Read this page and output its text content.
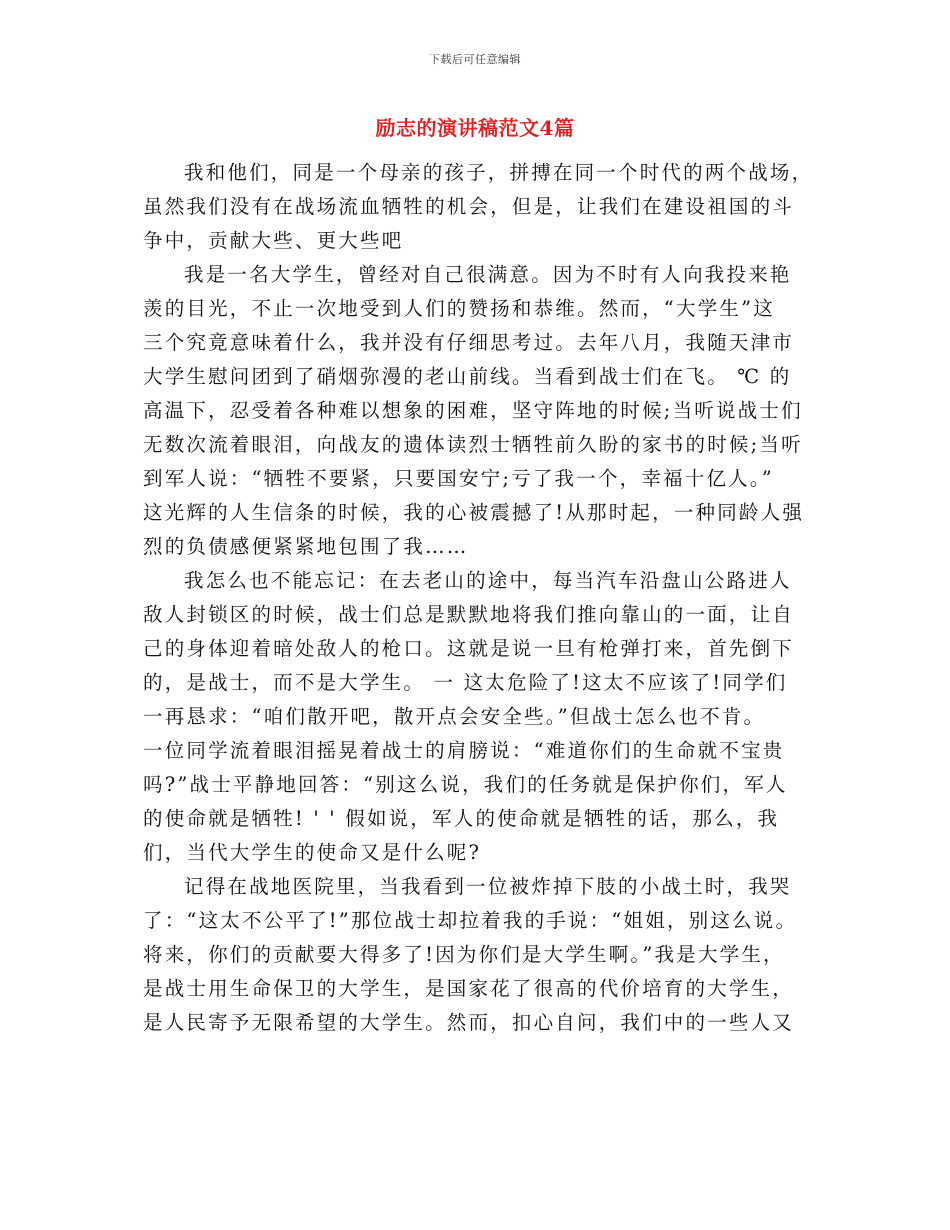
下载后可任意编辑
励志的演讲稿范文4篇
我和他们，同是一个母亲的孩子，拼搏在同一个时代的两个战场，
虽然我们没有在战场流血牺牲的机会，但是，让我们在建设祖国的斗
争中，贡献大些、更大些吧
我是一名大学生，曾经对自己很满意。因为不时有人向我投来艳
羡的目光，不止一次地受到人们的赞扬和恭维。然而，“大学生”这
三个究竟意味着什么，我并没有仔细思考过。去年八月，我随天津市
大学生慰问团到了硝烟弥漫的老山前线。当看到战士们在飞。 ℃ 的
高温下，忍受着各种难以想象的困难，坚守阵地的时候;当听说战士们
无数次流着眼泪，向战友的遗体读烈士牺牲前久盼的家书的时候;当听
到军人说：“牺牲不要紧，只要国安宁;亏了我一个，幸福十亿人。”
这光辉的人生信条的时候，我的心被震撼了!从那时起，一种同龄人强
烈的负债感便紧紧地包围了我……
我怎么也不能忘记：在去老山的途中，每当汽车沿盘山公路进人
敌人封锁区的时候，战士们总是默默地将我们推向靠山的一面，让自
己的身体迎着暗处敌人的枪口。这就是说一旦有枪弹打来，首先倒下
的，是战士，而不是大学生。 一 这太危险了!这太不应该了!同学们
一再恳求：“咱们散开吧，散开点会安全些。”但战士怎么也不肯。
一位同学流着眼泪摇晃着战士的肩膀说：“难道你们的生命就不宝贵
吗?”战士平静地回答：“别这么说，我们的任务就是保护你们，军人
的使命就是牺牲! ' ' 假如说，军人的使命就是牺牲的话，那么，我
们，当代大学生的使命又是什么呢?
记得在战地医院里，当我看到一位被炸掉下肢的小战土时，我哭
了：“这太不公平了!”那位战士却拉着我的手说：“姐姐，别这么说。
将来，你们的贡献要大得多了!因为你们是大学生啊。”我是大学生，
是战士用生命保卫的大学生，是国家花了很高的代价培育的大学生，
是人民寄予无限希望的大学生。然而，扣心自问，我们中的一些人又
